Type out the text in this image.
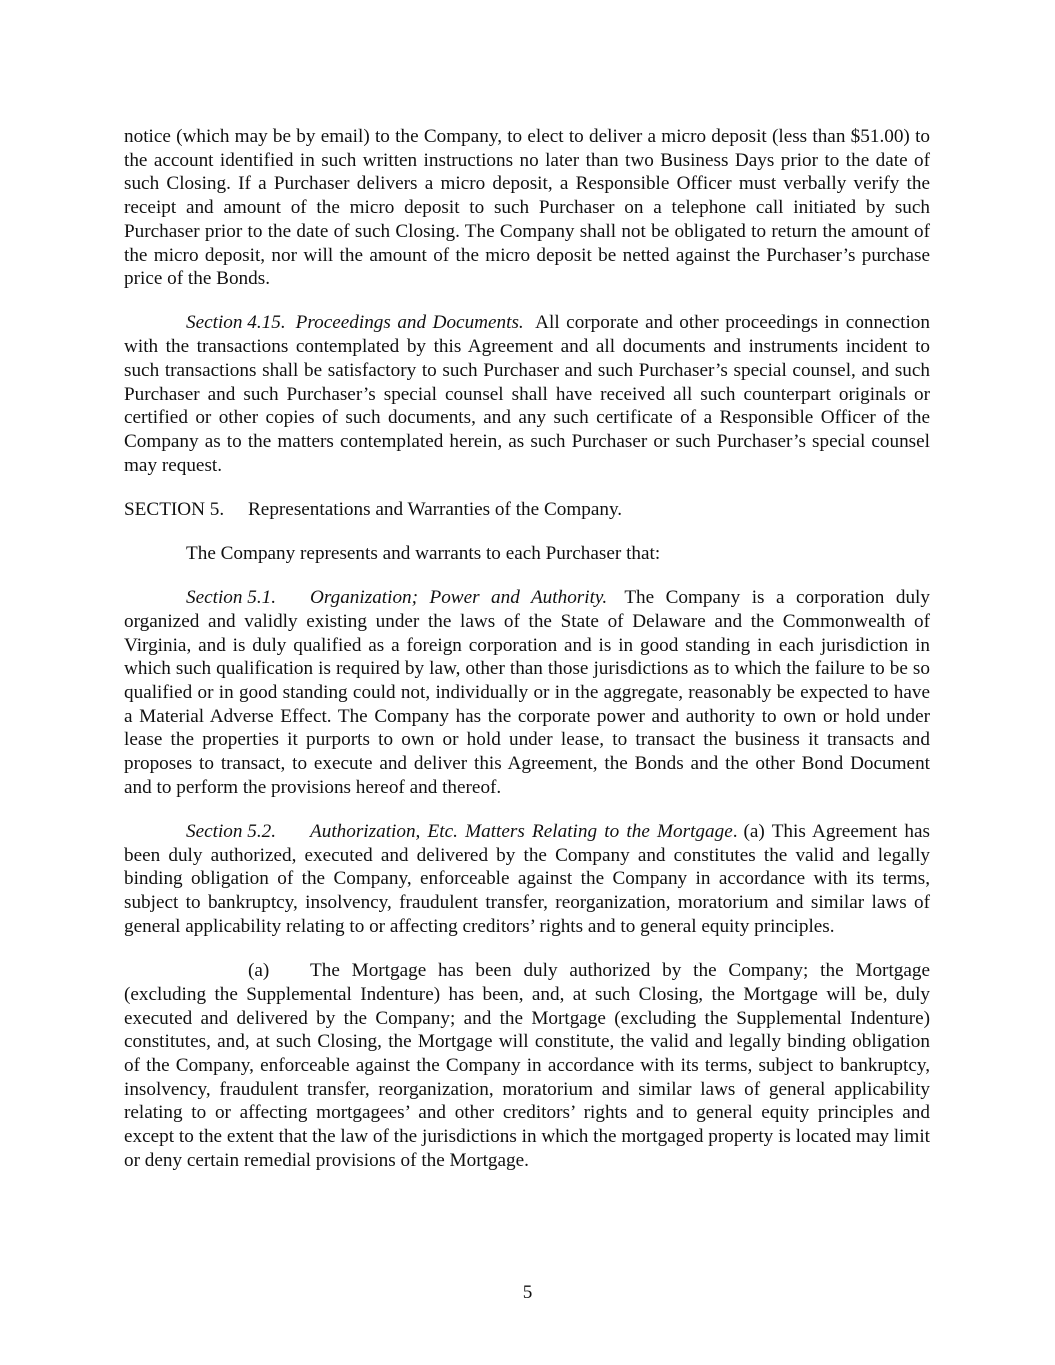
notice (which may be by email) to the Company, to elect to deliver a micro deposit (less than $51.00) to the account identified in such written instructions no later than two Business Days prior to the date of such Closing. If a Purchaser delivers a micro deposit, a Responsible Officer must verbally verify the receipt and amount of the micro deposit to such Purchaser on a telephone call initiated by such Purchaser prior to the date of such Closing. The Company shall not be obligated to return the amount of the micro deposit, nor will the amount of the micro deposit be netted against the Purchaser’s purchase price of the Bonds.

Section 4.15. Proceedings and Documents. All corporate and other proceedings in connection with the transactions contemplated by this Agreement and all documents and instruments incident to such transactions shall be satisfactory to such Purchaser and such Purchaser’s special counsel, and such Purchaser and such Purchaser’s special counsel shall have received all such counterpart originals or certified or other copies of such documents, and any such certificate of a Responsible Officer of the Company as to the matters contemplated herein, as such Purchaser or such Purchaser’s special counsel may request.

SECTION 5. Representations and Warranties of the Company.

The Company represents and warrants to each Purchaser that:

Section 5.1. Organization; Power and Authority. The Company is a corporation duly organized and validly existing under the laws of the State of Delaware and the Commonwealth of Virginia, and is duly qualified as a foreign corporation and is in good standing in each jurisdiction in which such qualification is required by law, other than those jurisdictions as to which the failure to be so qualified or in good standing could not, individually or in the aggregate, reasonably be expected to have a Material Adverse Effect. The Company has the corporate power and authority to own or hold under lease the properties it purports to own or hold under lease, to transact the business it transacts and proposes to transact, to execute and deliver this Agreement, the Bonds and the other Bond Document and to perform the provisions hereof and thereof.

Section 5.2. Authorization, Etc. Matters Relating to the Mortgage. (a) This Agreement has been duly authorized, executed and delivered by the Company and constitutes the valid and legally binding obligation of the Company, enforceable against the Company in accordance with its terms, subject to bankruptcy, insolvency, fraudulent transfer, reorganization, moratorium and similar laws of general applicability relating to or affecting creditors’ rights and to general equity principles.

(a) The Mortgage has been duly authorized by the Company; the Mortgage (excluding the Supplemental Indenture) has been, and, at such Closing, the Mortgage will be, duly executed and delivered by the Company; and the Mortgage (excluding the Supplemental Indenture) constitutes, and, at such Closing, the Mortgage will constitute, the valid and legally binding obligation of the Company, enforceable against the Company in accordance with its terms, subject to bankruptcy, insolvency, fraudulent transfer, reorganization, moratorium and similar laws of general applicability relating to or affecting mortgagees’ and other creditors’ rights and to general equity principles and except to the extent that the law of the jurisdictions in which the mortgaged property is located may limit or deny certain remedial provisions of the Mortgage.

5
